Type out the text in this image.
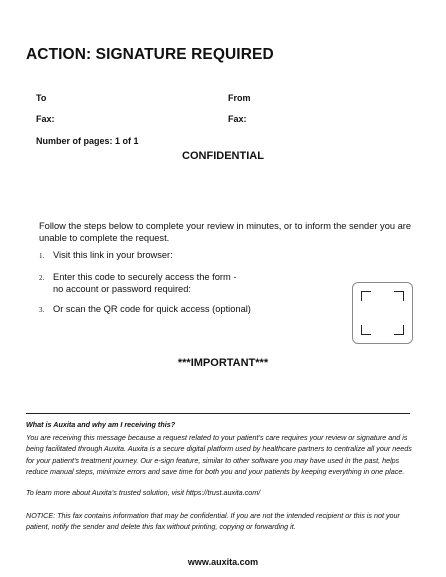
ACTION: SIGNATURE REQUIRED
To	From
Fax:	Fax:
Number of pages: 1 of 1
CONFIDENTIAL
Follow the steps below to complete your review in minutes, or to inform the sender you are unable to complete the request.
1. Visit this link in your browser:
2. Enter this code to securely access the form -
no account or password required:
3. Or scan the QR code for quick access (optional)
***IMPORTANT***
What is Auxita and why am I receiving this?
You are receiving this message because a request related to your patient’s care requires your review or signature and is being facilitated through Auxita. Auxita is a secure digital platform used by healthcare partners to centralize all your needs for your patient’s treatment journey. Our e-sign feature, similar to other software you may have used in the past, helps reduce manual steps, minimize errors and save time for both you and your patients by keeping everything in one place.
To learn more about Auxita’s trusted solution, visit https://trust.auxita.com/
NOTICE: This fax contains information that may be confidential. If you are not the intended recipient or this is not your patient, notify the sender and delete this fax without printing, copying or forwarding it.
www.auxita.com
